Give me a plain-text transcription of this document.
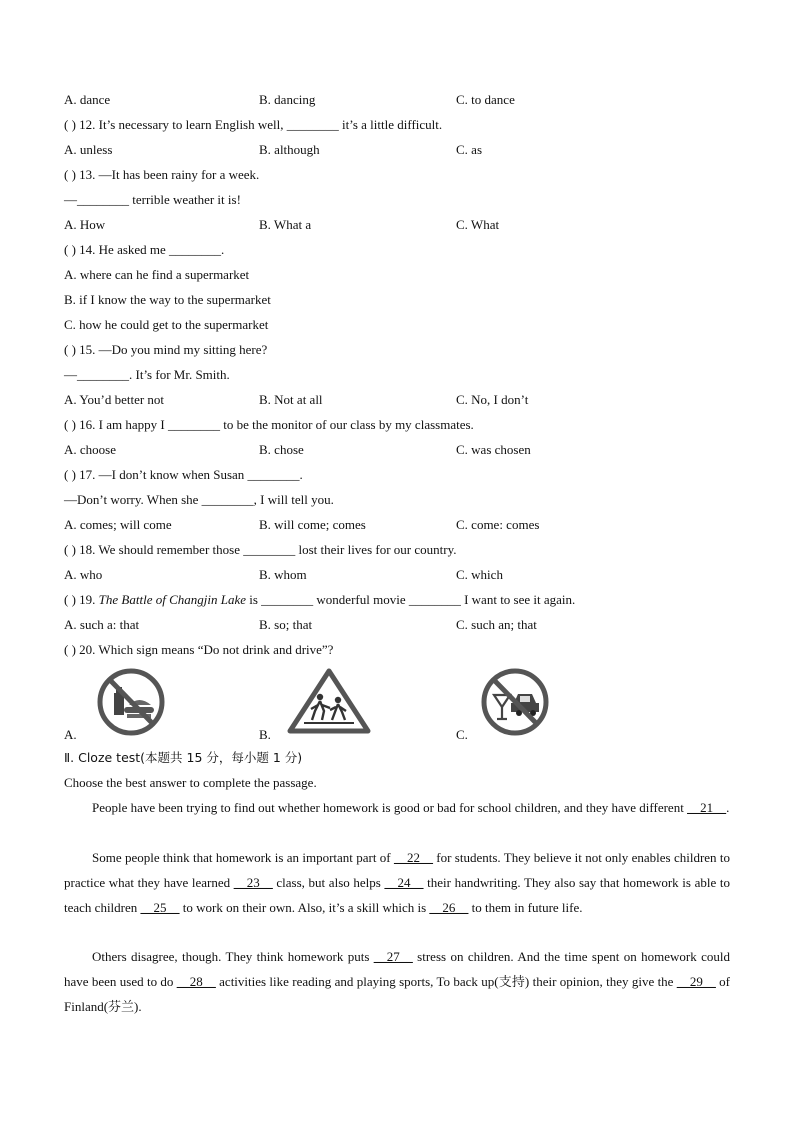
A. dance	B. dancing	C. to dance
( ) 12. It’s necessary to learn English well, ________ it’s a little difficult.
A. unless	B. although	C. as
( ) 13. —It has been rainy for a week.
—________ terrible weather it is!
A. How	B. What a	C. What
( ) 14. He asked me ________.
A. where can he find a supermarket
B. if I know the way to the supermarket
C. how he could get to the supermarket
( ) 15. —Do you mind my sitting here?
—________. It’s for Mr. Smith.
A. You’d better not	B. Not at all	C. No, I don’t
( ) 16. I am happy I ________ to be the monitor of our class by my classmates.
A. choose	B. chose	C. was chosen
( ) 17. —I don’t know when Susan ________.
—Don’t worry. When she ________, I will tell you.
A. comes; will come	B. will come; comes	C. come: comes
( ) 18. We should remember those ________ lost their lives for our country.
A. who	B. whom	C. which
( ) 19. The Battle of Changjin Lake is ________ wonderful movie ________ I want to see it again.
A. such a: that	B. so; that	C. such an; that
( ) 20. Which sign means “Do not drink and drive”?
A.	B.	C.
Ⅱ. Cloze test(本题共 15 分，每小题 1 分)
Choose the best answer to complete the passage.
People have been trying to find out whether homework is good or bad for school children, and they have different __21__.
Some people think that homework is an important part of __22__ for students. They believe it not only enables children to practice what they have learned __23__ class, but also helps __24__ their handwriting. They also say that homework is able to teach children __25__ to work on their own. Also, it’s a skill which is __26__ to them in future life.
Others disagree, though. They think homework puts __27__ stress on children. And the time spent on homework could have been used to do __28__ activities like reading and playing sports, To back up(支持) their opinion, they give the __29__ of Finland(芬兰).
